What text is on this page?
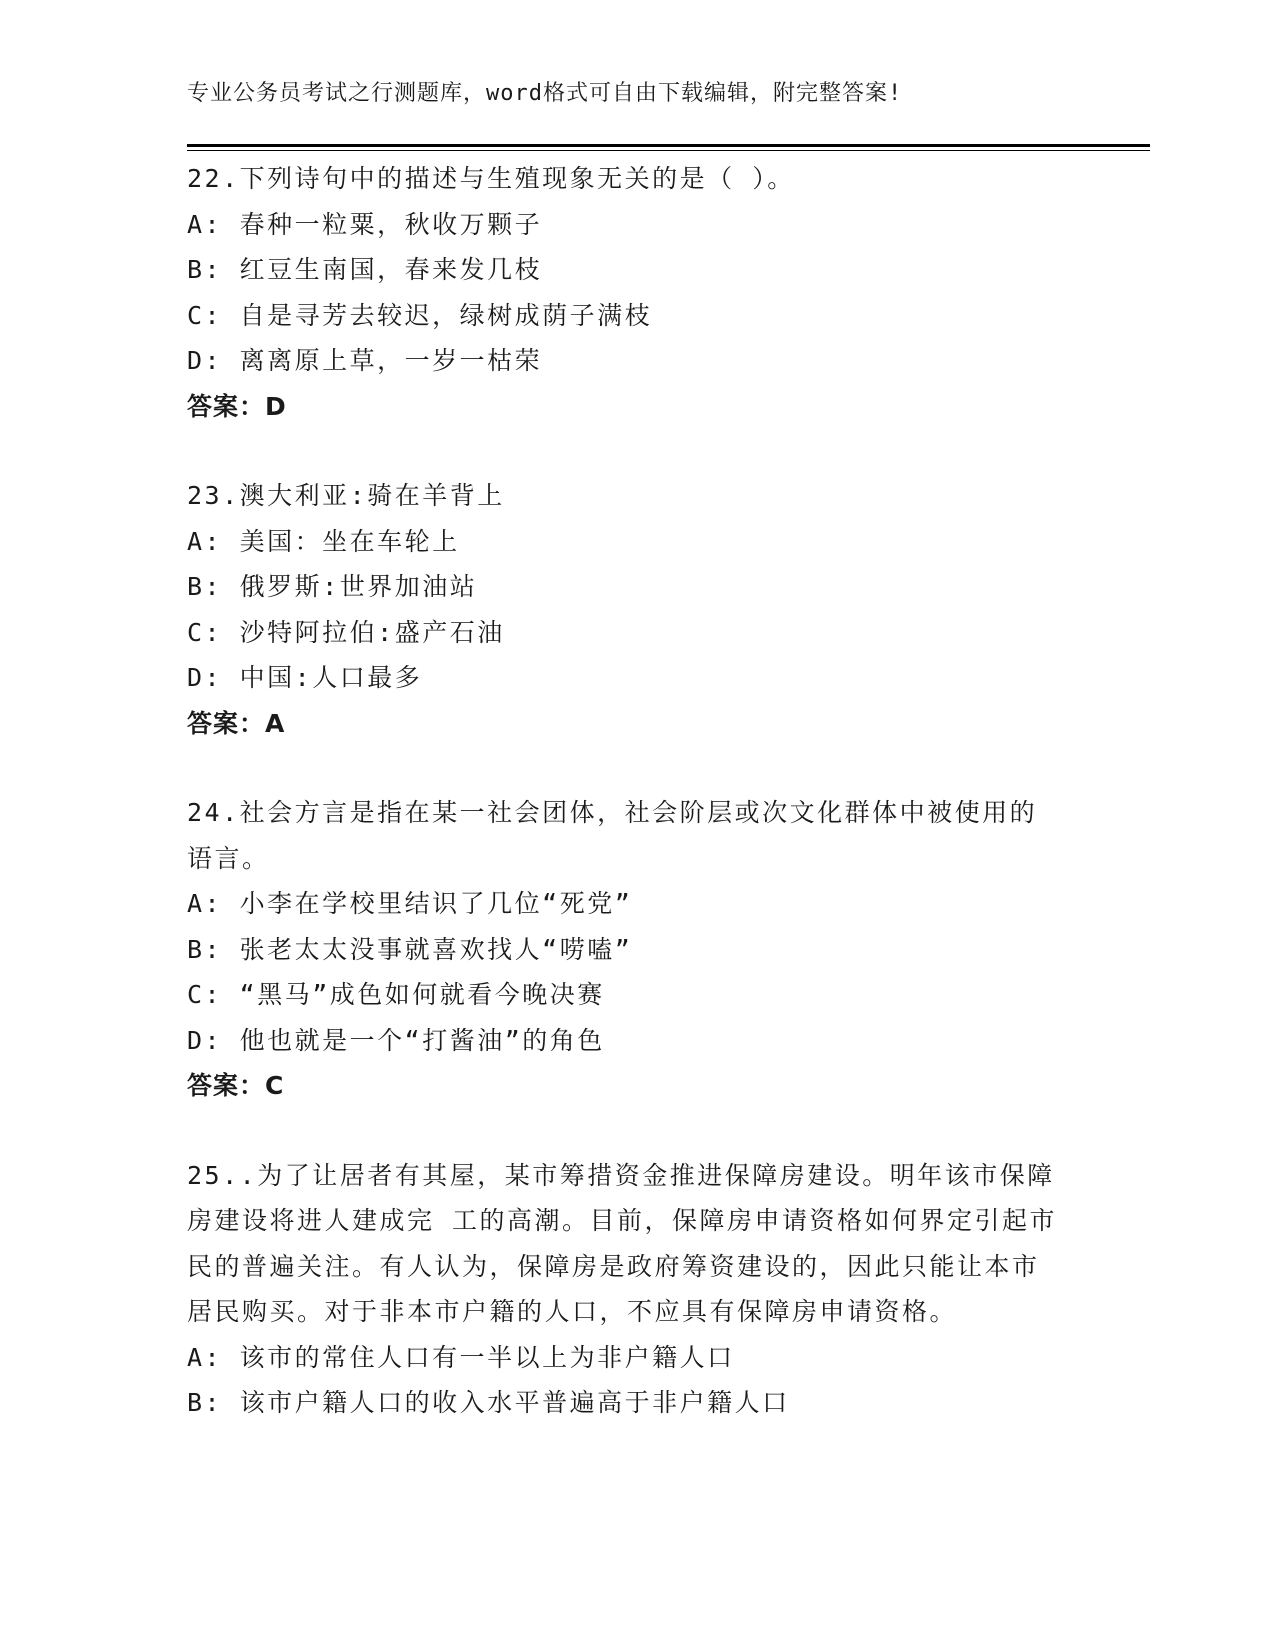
专业公务员考试之行测题库，word格式可自由下载编辑，附完整答案!
22.下列诗句中的描述与生殖现象无关的是（ ）。
A: 春种一粒粟，秋收万颗子
B: 红豆生南国，春来发几枝
C: 自是寻芳去较迟，绿树成荫子满枝
D: 离离原上草，一岁一枯荣
答案：D
23.澳大利亚:骑在羊背上
A: 美国：坐在车轮上
B: 俄罗斯:世界加油站
C: 沙特阿拉伯:盛产石油
D: 中国:人口最多
答案：A
24.社会方言是指在某一社会团体，社会阶层或次文化群体中被使用的语言。
A: 小李在学校里结识了几位“死党”
B: 张老太太没事就喜欢找人“唠嗑”
C: “黑马”成色如何就看今晚决赛
D: 他也就是一个“打酱油”的角色
答案：C
25..为了让居者有其屋，某市筹措资金推进保障房建设。明年该市保障房建设将进人建成完 工的高潮。目前，保障房申请资格如何界定引起市民的普遍关注。有人认为，保障房是政府筹资建设的，因此只能让本市居民购买。对于非本市户籍的人口，不应具有保障房申请资格。
A: 该市的常住人口有一半以上为非户籍人口
B: 该市户籍人口的收入水平普遍高于非户籍人口
